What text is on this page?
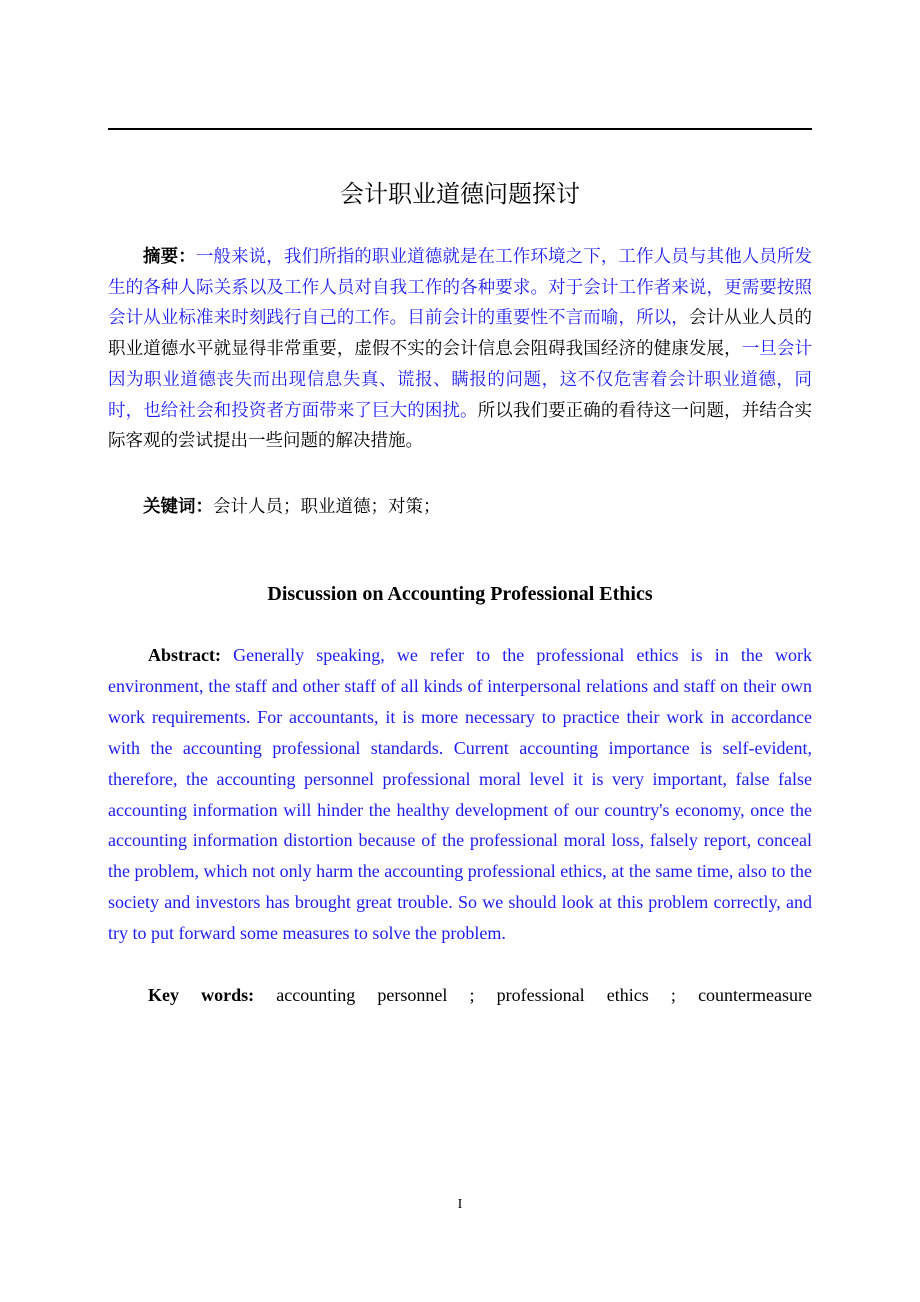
会计职业道德问题探讨
摘要：一般来说，我们所指的职业道德就是在工作环境之下，工作人员与其他人员所发生的各种人际关系以及工作人员对自我工作的各种要求。对于会计工作者来说，更需要按照会计从业标准来时刻践行自己的工作。目前会计的重要性不言而喻，所以，会计从业人员的职业道德水平就显得非常重要，虚假不实的会计信息会阻碍我国经济的健康发展，一旦会计因为职业道德丧失而出现信息失真、谎报、瞒报的问题，这不仅危害着会计职业道德，同时，也给社会和投资者方面带来了巨大的困扰。所以我们要正确的看待这一问题，并结合实际客观的尝试提出一些问题的解决措施。
关键词：会计人员；职业道德；对策；
Discussion on Accounting Professional Ethics
Abstract: Generally speaking, we refer to the professional ethics is in the work environment, the staff and other staff of all kinds of interpersonal relations and staff on their own work requirements. For accountants, it is more necessary to practice their work in accordance with the accounting professional standards. Current accounting importance is self-evident, therefore, the accounting personnel professional moral level it is very important, false false accounting information will hinder the healthy development of our country's economy, once the accounting information distortion because of the professional moral loss, falsely report, conceal the problem, which not only harm the accounting professional ethics, at the same time, also to the society and investors has brought great trouble. So we should look at this problem correctly, and try to put forward some measures to solve the problem.
Key words: accounting personnel ; professional ethics ; countermeasure
I
